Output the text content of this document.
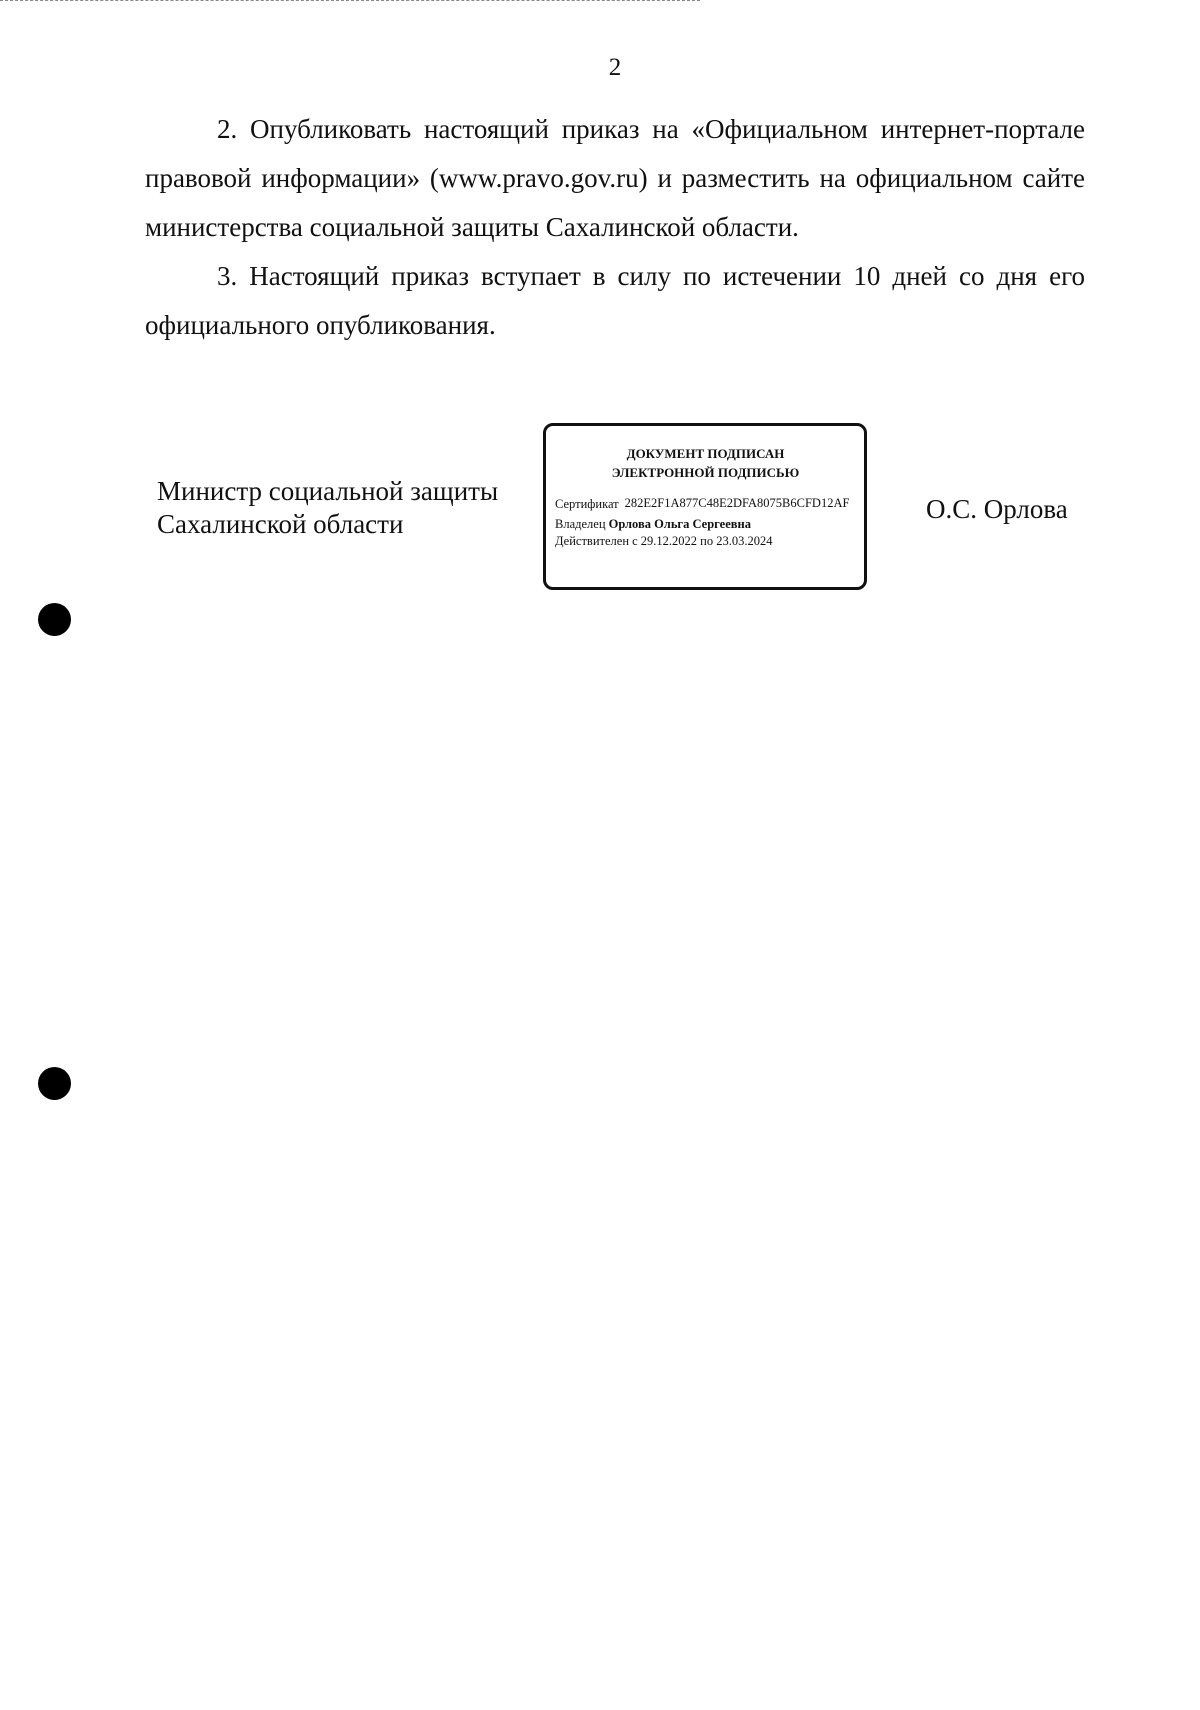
2

2. Опубликовать настоящий приказ на «Официальном интернет-портале правовой информации» (www.pravo.gov.ru) и разместить на официальном сайте министерства социальной защиты Сахалинской области.

3. Настоящий приказ вступает в силу по истечении 10 дней со дня его официального опубликования.

Министр социальной защиты
Сахалинской области
ДОКУМЕНТ ПОДПИСАН
ЭЛЕКТРОННОЙ ПОДПИСЬЮ
Сертификат 282E2F1A877C48E2DFA8075B6CFD12AF
Владелец Орлова Ольга Сергеевна
Действителен с 29.12.2022 по 23.03.2024
О.С. Орлова
